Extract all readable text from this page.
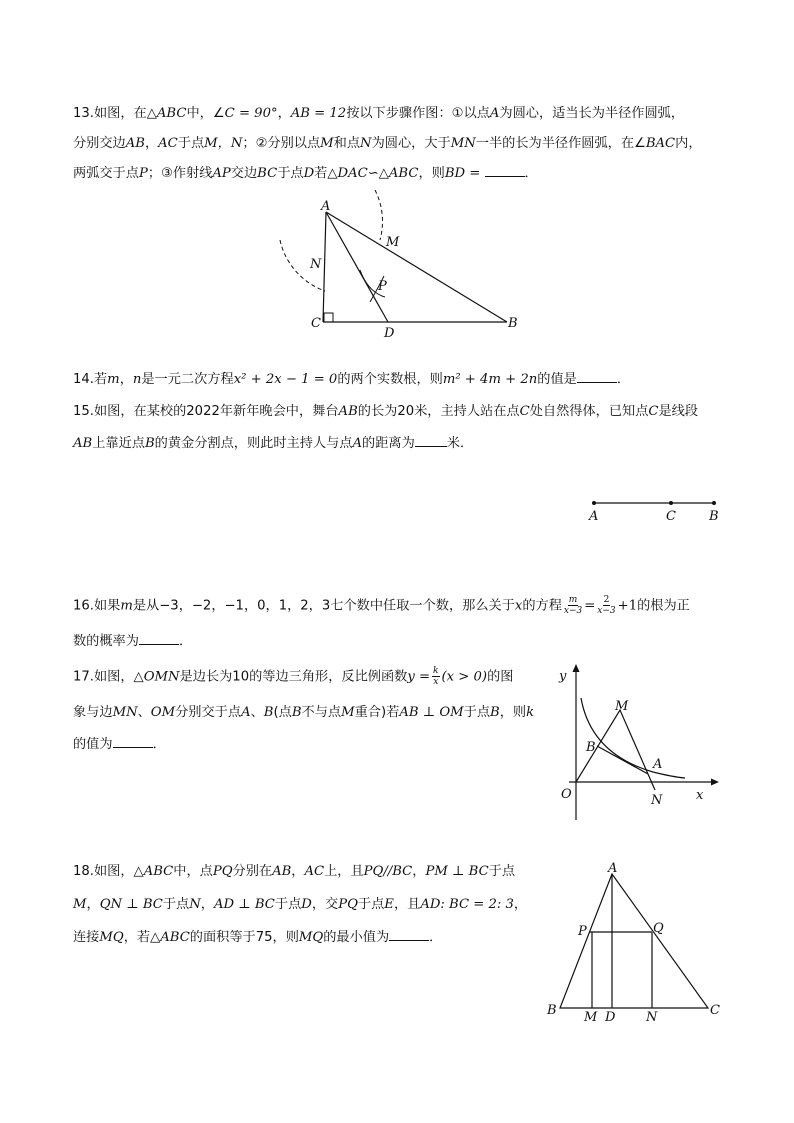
13.如图，在△ABC中，∠C = 90°，AB = 12按以下步骤作图：①以点A为圆心，适当长为半径作圆弧，
分别交边AB，AC于点M，N；②分别以点M和点N为圆心，大于MN一半的长为半径作圆弧，在∠BAC内，
两弧交于点P；③作射线AP交边BC于点D若△DAC∽△ABC，则BD =	．
A
M
N
P
C
D
B
14.若m，n是一元二次方程x² + 2x − 1 = 0的两个实数根，则m² + 4m + 2n的值是	．
15.如图，在某校的2022年新年晚会中，舞台AB的长为20米，主持人站在点C处自然得体，已知点C是线段
AB上靠近点B的黄金分割点，则此时主持人与点A的距离为 米．
A	C	B
16.如果m是从−3，−2，−1，0，1，2，3七个数中任取一个数，那么关于x的方程 $\frac{m}{x-3} = \frac{2}{x-3} +1$的根为正
数的概率为	．
17.如图，△OMN是边长为10的等边三角形，反比例函数$y = \frac{k}{x} (x > 0)$的图
象与边MN、OM分别交于点A、B(点B不与点M重合)若AB ⊥ OM于点B，则k
的值为	．
y
M
B
A
O	N	x
18.如图，△ABC中，点PQ分别在AB，AC上，且PQ//BC，PM ⊥ BC于点
M，QN ⊥ BC于点N，AD ⊥ BC于点D，交PQ于点E，且AD: BC = 2: 3，
连接MQ，若△ABC的面积等于75，则MQ的最小值为	．
A
P	Q
B M D N	C
